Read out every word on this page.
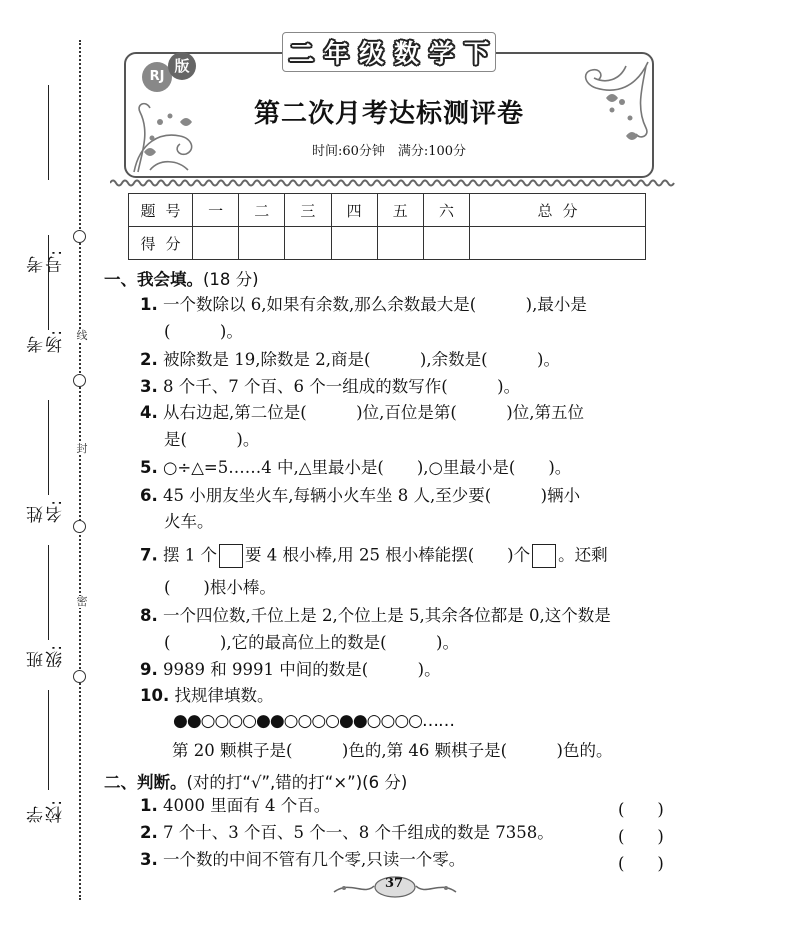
线
封
密
考号:
考场:
姓名:
班级:
学校:
二 年 级 数 学 下
RJ
版
第二次月考达标测评卷
时间:60分钟　满分:100分
题号	一	二	三	四	五	六	总分
得分							
一、我会填。(18 分)
1. 一个数除以 6,如果有余数,那么余数最大是(　　　),最小是
(　　　)。
2. 被除数是 19,除数是 2,商是(　　　),余数是(　　　)。
3. 8 个千、7 个百、6 个一组成的数写作(　　　)。
4. 从右边起,第二位是(　　　)位,百位是第(　　　)位,第五位
是(　　　)。
5. ○÷△=5……4 中,△里最小是(　　),○里最小是(　　)。
6. 45 小朋友坐火车,每辆小火车坐 8 人,至少要(　　　)辆小
火车。
7. 摆 1 个 要 4 根小棒,用 25 根小棒能摆(　　)个 。还剩
(　　)根小棒。
8. 一个四位数,千位上是 2,个位上是 5,其余各位都是 0,这个数是
(　　　),它的最高位上的数是(　　　)。
9. 9989 和 9991 中间的数是(　　　)。
10. 找规律填数。
●●○○○○●●○○○○●●○○○○……
第 20 颗棋子是(　　　)色的,第 46 颗棋子是(　　　)色的。
二、判断。(对的打“√”,错的打“×”)(6 分)
1. 4000 里面有 4 个百。	(　　)
2. 7 个十、3 个百、5 个一、8 个千组成的数是 7358。	(　　)
3. 一个数的中间不管有几个零,只读一个零。	(　　)
37
